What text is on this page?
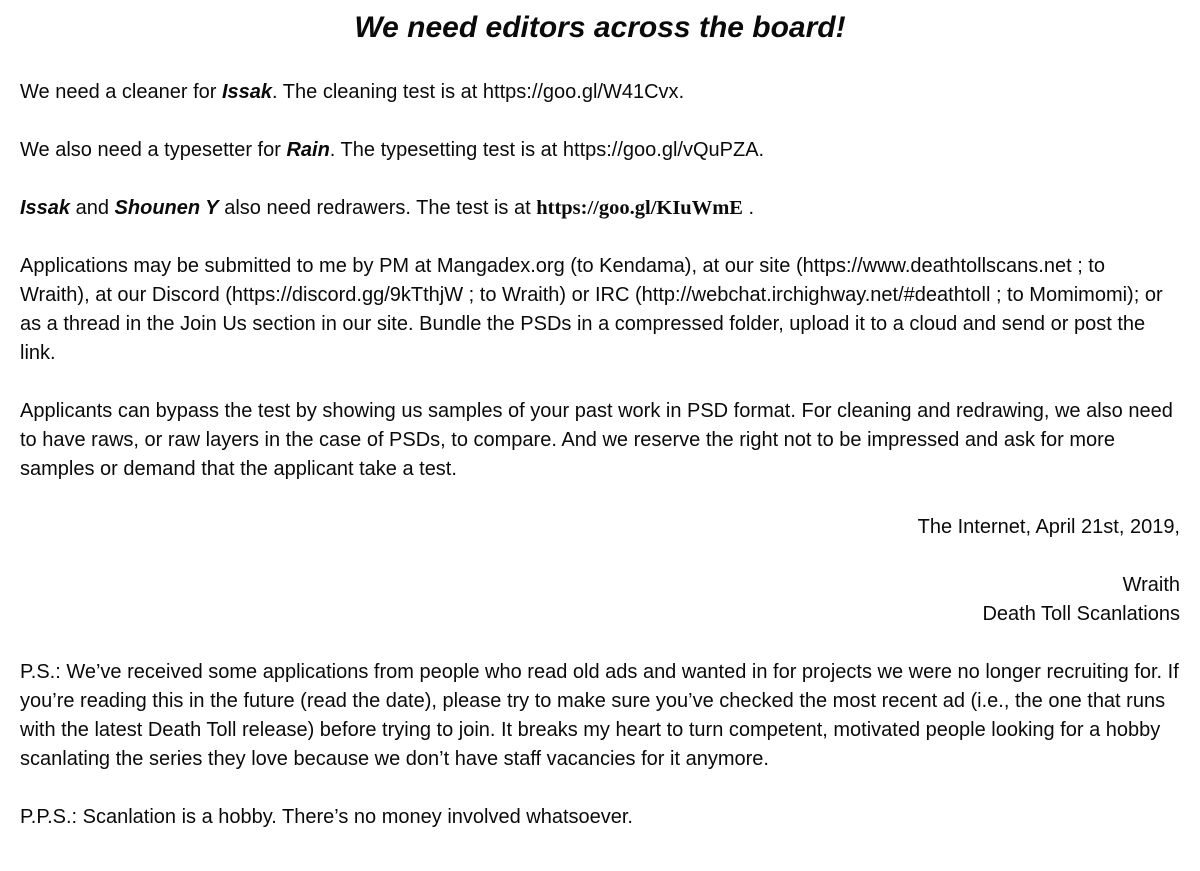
We need editors across the board!

We need a cleaner for Issak. The cleaning test is at https://goo.gl/W41Cvx.

We also need a typesetter for Rain. The typesetting test is at https://goo.gl/vQuPZA.

Issak and Shounen Y also need redrawers. The test is at https://goo.gl/KIuWmE .

Applications may be submitted to me by PM at Mangadex.org (to Kendama), at our site (https://www.deathtollscans.net ; to Wraith), at our Discord (https://discord.gg/9kTthjW ; to Wraith) or IRC (http://webchat.irchighway.net/#deathtoll ; to Momimomi); or as a thread in the Join Us section in our site. Bundle the PSDs in a compressed folder, upload it to a cloud and send or post the link.

Applicants can bypass the test by showing us samples of your past work in PSD format. For cleaning and redrawing, we also need to have raws, or raw layers in the case of PSDs, to compare. And we reserve the right not to be impressed and ask for more samples or demand that the applicant take a test.

The Internet, April 21st, 2019,

Wraith
Death Toll Scanlations

P.S.: We’ve received some applications from people who read old ads and wanted in for projects we were no longer recruiting for. If you’re reading this in the future (read the date), please try to make sure you’ve checked the most recent ad (i.e., the one that runs with the latest Death Toll release) before trying to join. It breaks my heart to turn competent, motivated people looking for a hobby scanlating the series they love because we don’t have staff vacancies for it anymore.

P.P.S.: Scanlation is a hobby. There’s no money involved whatsoever.
